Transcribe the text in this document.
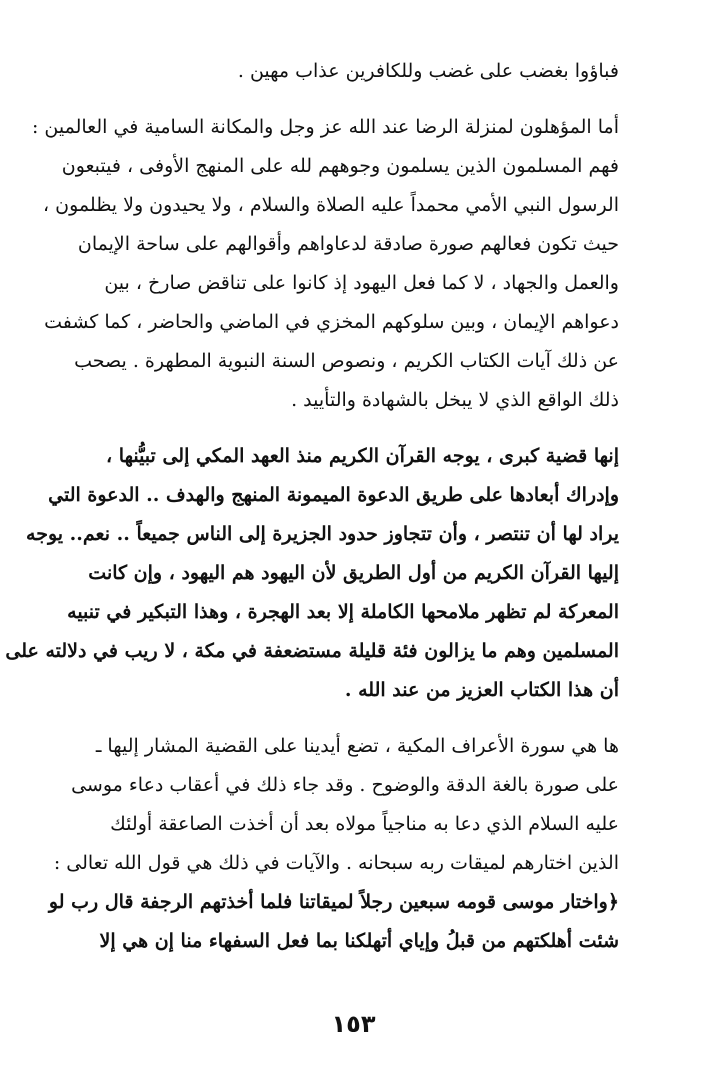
فباؤوا بغضب على غضب وللكافرين عذاب مهين .
أما المؤهلون لمنزلة الرضا عند الله عز وجل والمكانة السامية في العالمين :
فهم المسلمون الذين يسلمون وجوههم لله على المنهج الأوفى ، فيتبعون
الرسول النبي الأمي محمداً عليه الصلاة والسلام ، ولا يحيدون ولا يظلمون ،
حيث تكون فعالهم صورة صادقة لدعاواهم وأقوالهم على ساحة الإيمان
والعمل والجهاد ، لا كما فعل اليهود إذ كانوا على تناقض صارخ ، بين
دعواهم الإيمان ، وبين سلوكهم المخزي في الماضي والحاضر ، كما كشفت
عن ذلك آيات الكتاب الكريم ، ونصوص السنة النبوية المطهرة . يصحب
ذلك الواقع الذي لا يبخل بالشهادة والتأييد .
إنها قضية كبرى ، يوجه القرآن الكريم منذ العهد المكي إلى تبيُّنها ،
وإدراك أبعادها على طريق الدعوة الميمونة المنهج والهدف .. الدعوة التي
يراد لها أن تنتصر ، وأن تتجاوز حدود الجزيرة إلى الناس جميعاً .. نعم.. يوجه
إليها القرآن الكريم من أول الطريق لأن اليهود هم اليهود ، وإن كانت
المعركة لم تظهر ملامحها الكاملة إلا بعد الهجرة ، وهذا التبكير في تنبيه
المسلمين وهم ما يزالون فئة قليلة مستضعفة في مكة ، لا ريب في دلالته على
أن هذا الكتاب العزيز من عند الله .
ها هي سورة الأعراف المكية ، تضع أيدينا على القضية المشار إليها ـ
على صورة بالغة الدقة والوضوح . وقد جاء ذلك في أعقاب دعاء موسى
عليه السلام الذي دعا به مناجياً مولاه بعد أن أخذت الصاعقة أولئك
الذين اختارهم لميقات ربه سبحانه . والآيات في ذلك هي قول الله تعالى :
﴿واختار موسى قومه سبعين رجلاً لميقاتنا فلما أخذتهم الرجفة قال رب لو
شئت أهلكتهم من قبلُ وإياي أتهلكنا بما فعل السفهاء منا إن هي إلا
١٥٣
